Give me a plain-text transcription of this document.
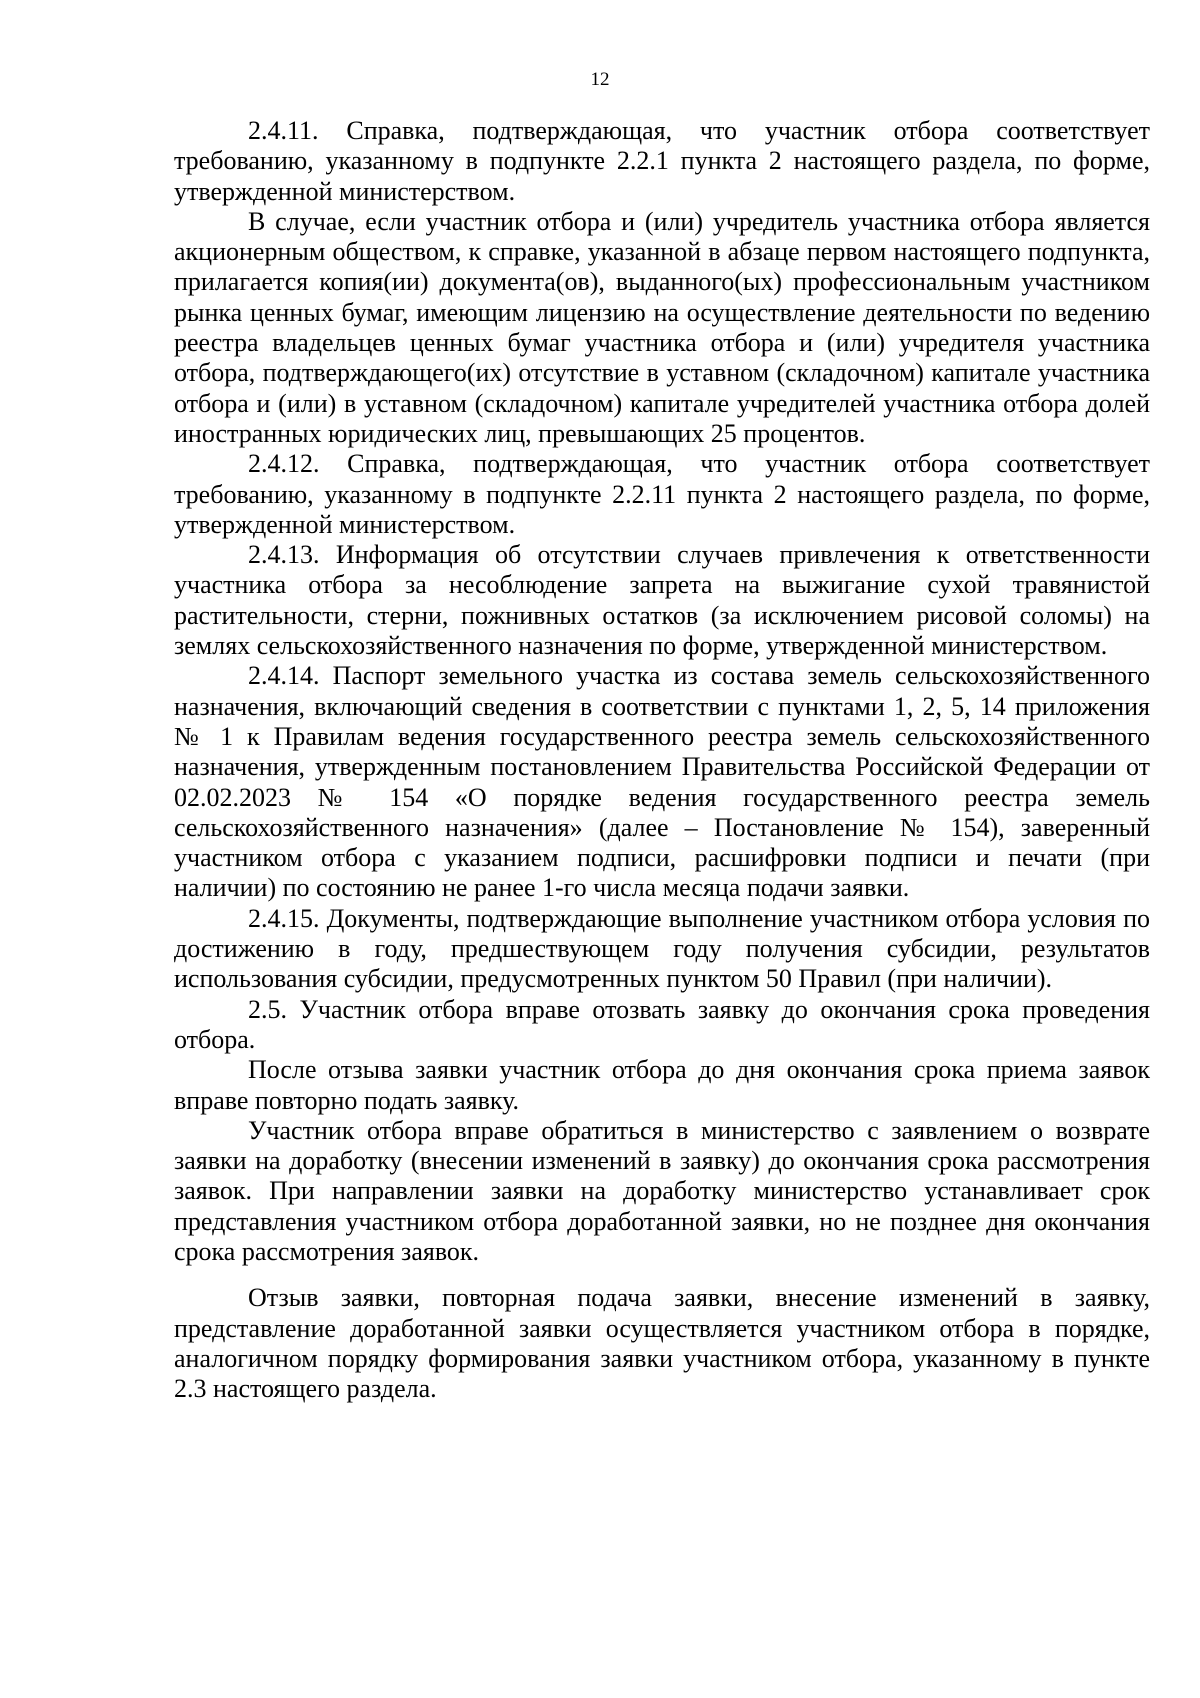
12

2.4.11. Справка, подтверждающая, что участник отбора соответствует требованию, указанному в подпункте 2.2.1 пункта 2 настоящего раздела, по форме, утвержденной министерством.

В случае, если участник отбора и (или) учредитель участника отбора является акционерным обществом, к справке, указанной в абзаце первом настоящего подпункта, прилагается копия(ии) документа(ов), выданного(ых) профессиональным участником рынка ценных бумаг, имеющим лицензию на осуществление деятельности по ведению реестра владельцев ценных бумаг участника отбора и (или) учредителя участника отбора, подтверждающего(их) отсутствие в уставном (складочном) капитале участника отбора и (или) в уставном (складочном) капитале учредителей участника отбора долей иностранных юридических лиц, превышающих 25 процентов.

2.4.12. Справка, подтверждающая, что участник отбора соответствует требованию, указанному в подпункте 2.2.11 пункта 2 настоящего раздела, по форме, утвержденной министерством.

2.4.13. Информация об отсутствии случаев привлечения к ответственности участника отбора за несоблюдение запрета на выжигание сухой травянистой растительности, стерни, пожнивных остатков (за исключением рисовой соломы) на землях сельскохозяйственного назначения по форме, утвержденной министерством.

2.4.14. Паспорт земельного участка из состава земель сельскохозяйственного назначения, включающий сведения в соответствии с пунктами 1, 2, 5, 14 приложения № 1 к Правилам ведения государственного реестра земель сельскохозяйственного назначения, утвержденным постановлением Правительства Российской Федерации от 02.02.2023 № 154 «О порядке ведения государственного реестра земель сельскохозяйственного назначения» (далее – Постановление № 154), заверенный участником отбора с указанием подписи, расшифровки подписи и печати (при наличии) по состоянию не ранее 1-го числа месяца подачи заявки.

2.4.15. Документы, подтверждающие выполнение участником отбора условия по достижению в году, предшествующем году получения субсидии, результатов использования субсидии, предусмотренных пунктом 50 Правил (при наличии).

2.5. Участник отбора вправе отозвать заявку до окончания срока проведения отбора.

После отзыва заявки участник отбора до дня окончания срока приема заявок вправе повторно подать заявку.

Участник отбора вправе обратиться в министерство с заявлением о возврате заявки на доработку (внесении изменений в заявку) до окончания срока рассмотрения заявок. При направлении заявки на доработку министерство устанавливает срок представления участником отбора доработанной заявки, но не позднее дня окончания срока рассмотрения заявок.

Отзыв заявки, повторная подача заявки, внесение изменений в заявку, представление доработанной заявки осуществляется участником отбора в порядке, аналогичном порядку формирования заявки участником отбора, указанному в пункте 2.3 настоящего раздела.
